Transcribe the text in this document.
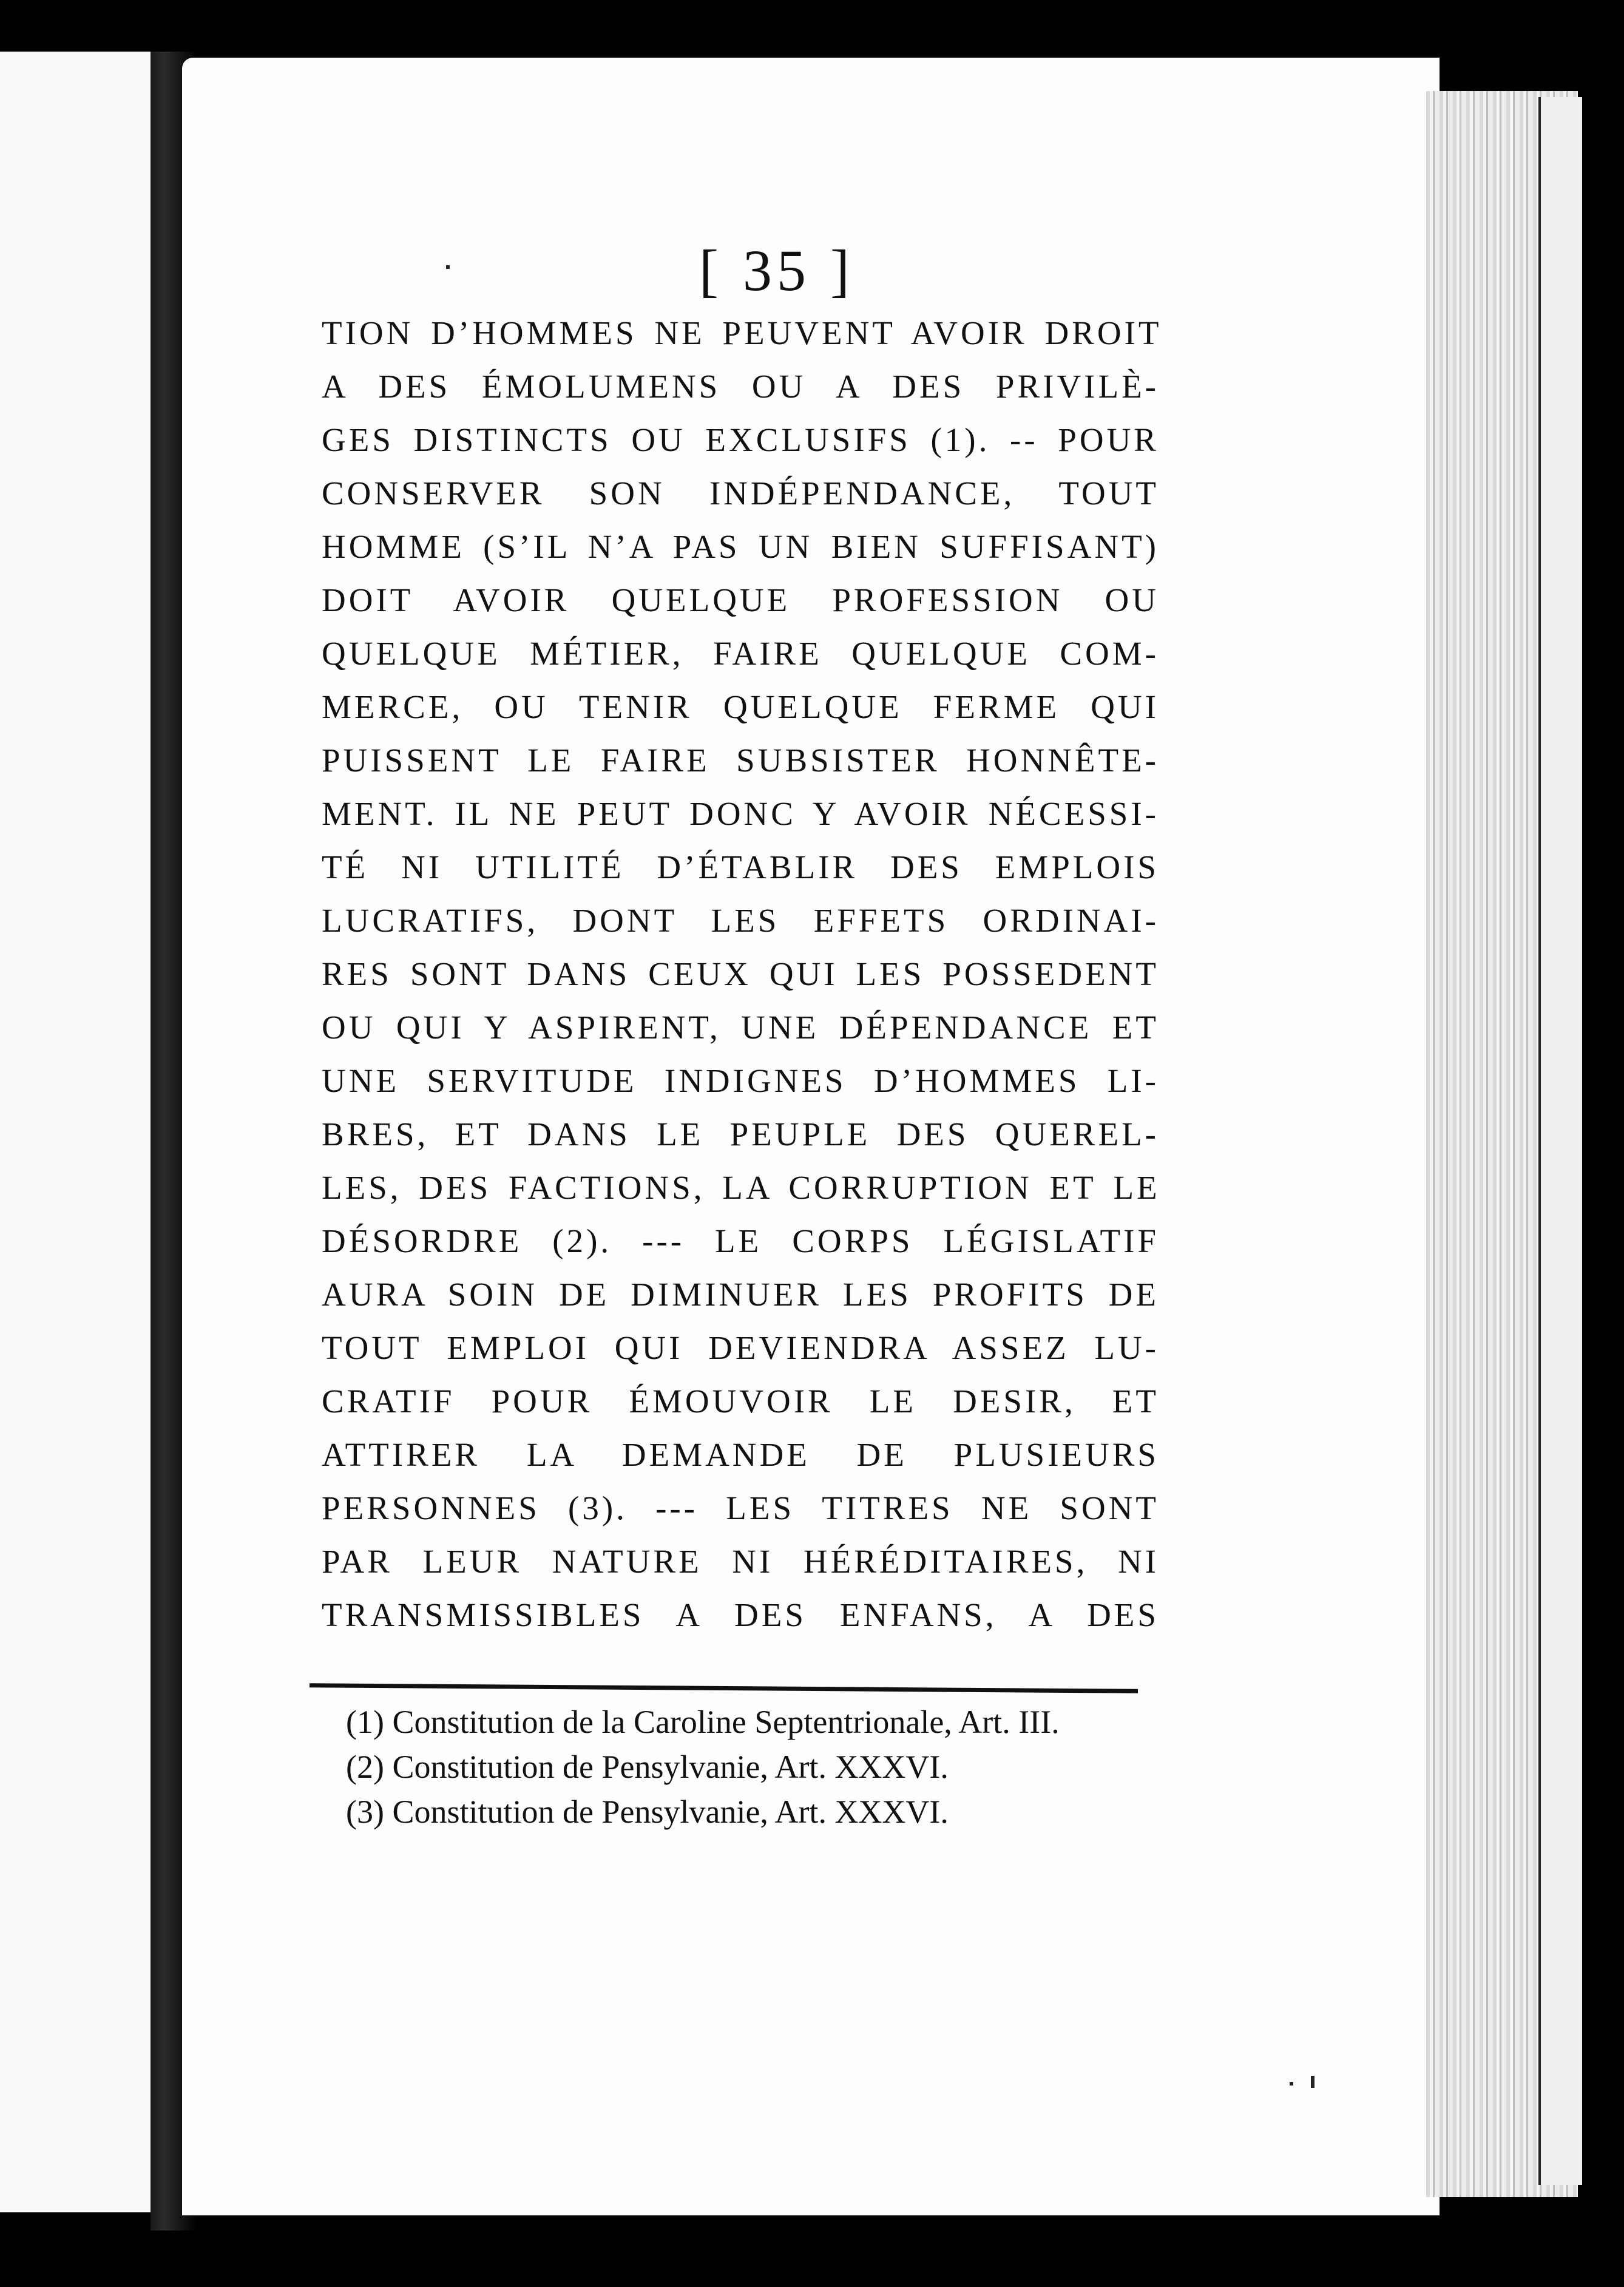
[ 35 ]
TION D’HOMMES NE PEUVENT AVOIR DROIT
A DES ÉMOLUMENS OU A DES PRIVILÈ-
GES DISTINCTS OU EXCLUSIFS (1). -- POUR
CONSERVER SON INDÉPENDANCE, TOUT
HOMME (S’IL N’A PAS UN BIEN SUFFISANT)
DOIT AVOIR QUELQUE PROFESSION OU
QUELQUE MÉTIER, FAIRE QUELQUE COM-
MERCE, OU TENIR QUELQUE FERME QUI
PUISSENT LE FAIRE SUBSISTER HONNÊTE-
MENT. IL NE PEUT DONC Y AVOIR NÉCESSI-
TÉ NI UTILITÉ D’ÉTABLIR DES EMPLOIS
LUCRATIFS, DONT LES EFFETS ORDINAI-
RES SONT DANS CEUX QUI LES POSSEDENT
OU QUI Y ASPIRENT, UNE DÉPENDANCE ET
UNE SERVITUDE INDIGNES D’HOMMES LI-
BRES, ET DANS LE PEUPLE DES QUEREL-
LES, DES FACTIONS, LA CORRUPTION ET LE
DÉSORDRE (2). --- LE CORPS LÉGISLATIF
AURA SOIN DE DIMINUER LES PROFITS DE
TOUT EMPLOI QUI DEVIENDRA ASSEZ LU-
CRATIF POUR ÉMOUVOIR LE DESIR, ET
ATTIRER LA DEMANDE DE PLUSIEURS
PERSONNES (3). --- LES TITRES NE SONT
PAR LEUR NATURE NI HÉRÉDITAIRES, NI
TRANSMISSIBLES A DES ENFANS, A DES
(1) Constitution de la Caroline Septentrionale, Art. III.
(2) Constitution de Pensylvanie, Art. XXXVI.
(3) Constitution de Pensylvanie, Art. XXXVI.
